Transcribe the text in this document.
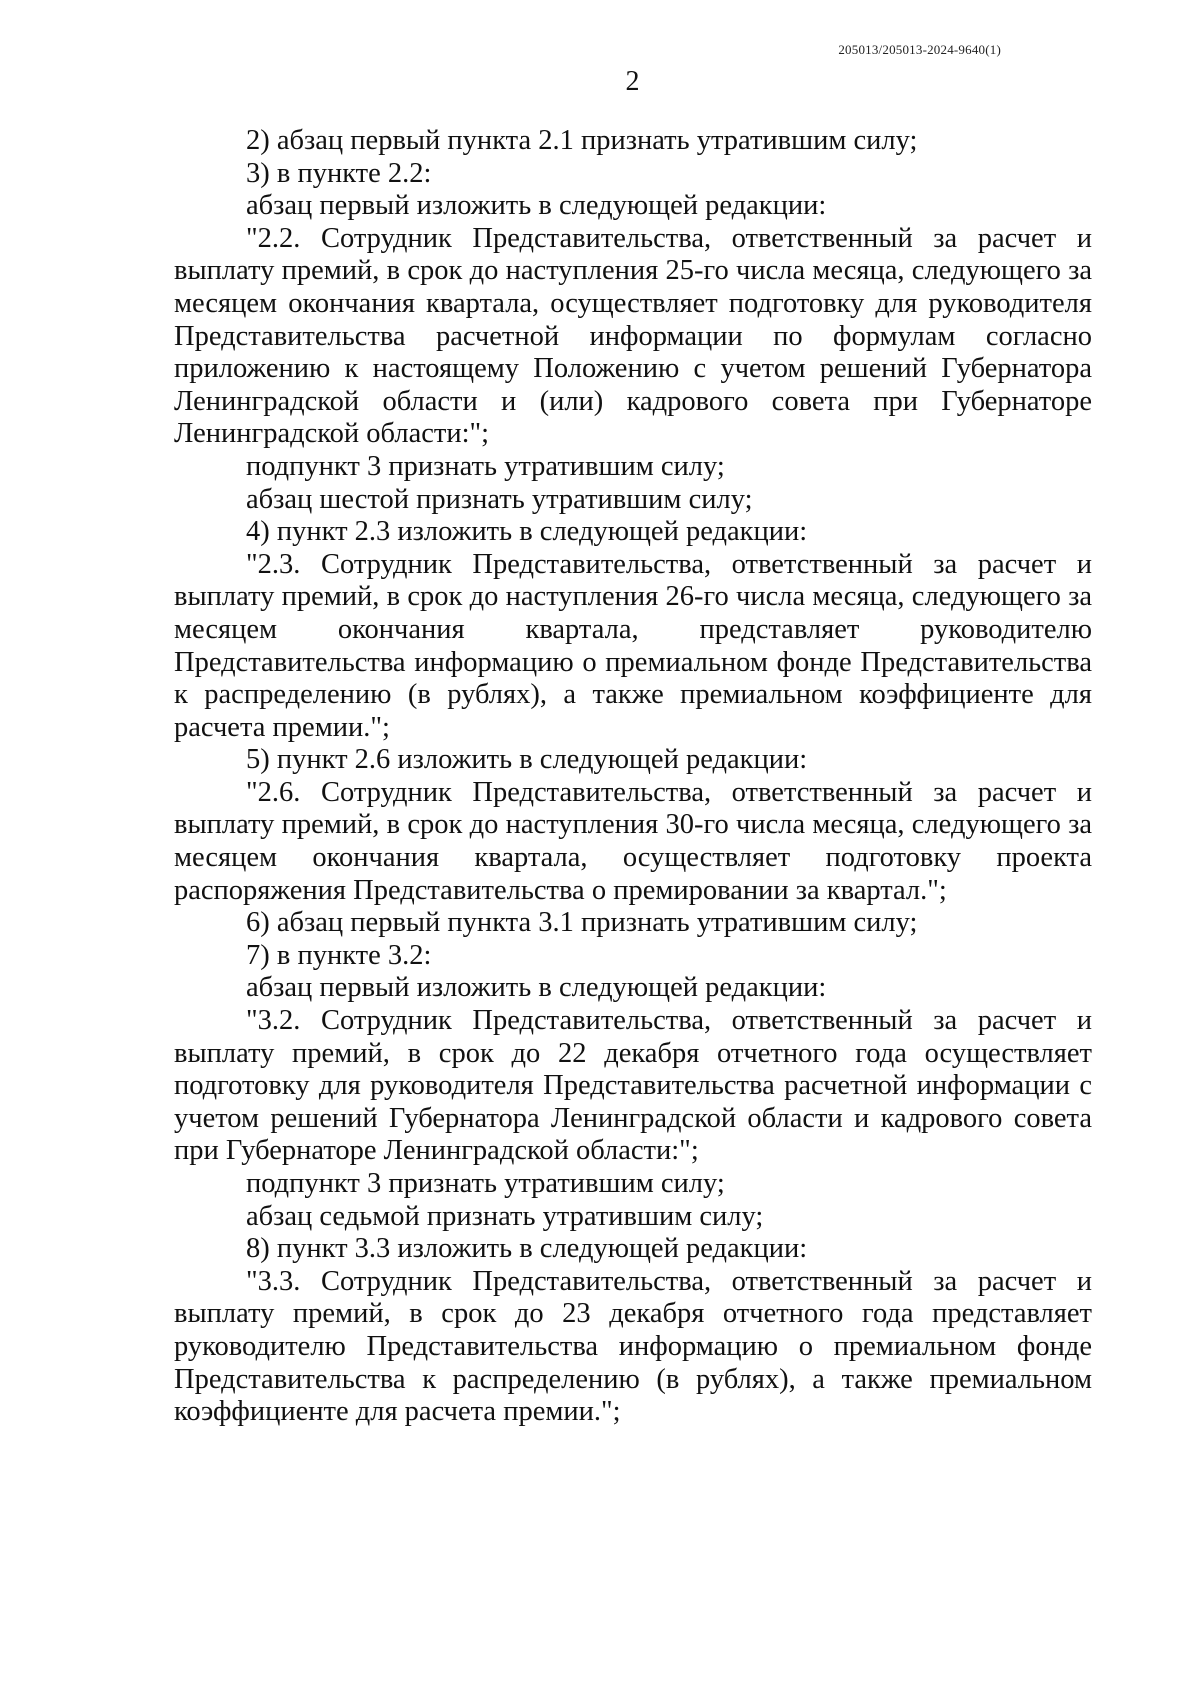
205013/205013-2024-9640(1)
2

2) абзац первый пункта 2.1 признать утратившим силу;

3) в пункте 2.2:

абзац первый изложить в следующей редакции:

"2.2. Сотрудник Представительства, ответственный за расчет и выплату премий, в срок до наступления 25-го числа месяца, следующего за месяцем окончания квартала, осуществляет подготовку для руководителя Представительства расчетной информации по формулам согласно приложению к настоящему Положению с учетом решений Губернатора Ленинградской области и (или) кадрового совета при Губернаторе Ленинградской области:";

подпункт 3 признать утратившим силу;

абзац шестой признать утратившим силу;

4) пункт 2.3 изложить в следующей редакции:

"2.3. Сотрудник Представительства, ответственный за расчет и выплату премий, в срок до наступления 26-го числа месяца, следующего за месяцем окончания квартала, представляет руководителю Представительства информацию о премиальном фонде Представительства к распределению (в рублях), а также премиальном коэффициенте для расчета премии.";

5) пункт 2.6 изложить в следующей редакции:

"2.6. Сотрудник Представительства, ответственный за расчет и выплату премий, в срок до наступления 30-го числа месяца, следующего за месяцем окончания квартала, осуществляет подготовку проекта распоряжения Представительства о премировании за квартал.";

6) абзац первый пункта 3.1 признать утратившим силу;

7) в пункте 3.2:

абзац первый изложить в следующей редакции:

"3.2. Сотрудник Представительства, ответственный за расчет и выплату премий, в срок до 22 декабря отчетного года осуществляет подготовку для руководителя Представительства расчетной информации с учетом решений Губернатора Ленинградской области и кадрового совета при Губернаторе Ленинградской области:";

подпункт 3 признать утратившим силу;

абзац седьмой признать утратившим силу;

8) пункт 3.3 изложить в следующей редакции:

"3.3. Сотрудник Представительства, ответственный за расчет и выплату премий, в срок до 23 декабря отчетного года представляет руководителю Представительства информацию о премиальном фонде Представительства к распределению (в рублях), а также премиальном коэффициенте для расчета премии.";
